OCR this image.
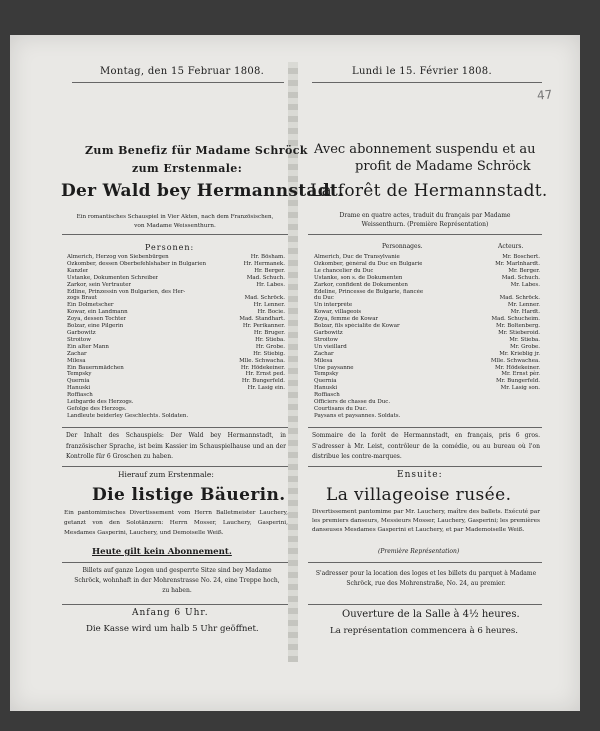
47
Montag, den 15 Februar 1808.
Zum Benefiz für Madame Schröck
zum Erstenmale:
Der Wald bey Hermannstadt.
Ein romantisches Schauspiel in Vier Akten, nach dem Französischen,
von Madame Weissenthurn.
Personen:
Almerich, Herzog von Siebenbürgen	Hr. Bösham.
Ozkomber, dessen Oberbefehlshaber in Bulgarien	Hr. Hermanek.
Kanzler	Hr. Berger.
Ustanke, Dokumenten Schreiber	Mad. Schuch.
Zarkor, sein Vertrauter	Hr. Labes.
Edline, Prinzessin von Bulgarien, des Her-
zogs Braut	Mad. Schröck.
Ein Dolmetscher	Hr. Lenner.
Kowar, ein Landmann	Hr. Bocie.
Zoya, dessen Tochter	Mad. Standhart.
Bolzar, eine Pilgerin	Hr. Perikanner.
Garbowitz	Hr. Bruger.
Stroitow	Hr. Stieba.
Ein alter Mann	Hr. Grobe.
Zachar	Hr. Stiebig.
Milesa	Mlle. Schwacha.
Ein Bauernmädchen	Hr. Hödekeiner.
Tempsky	Hr. Ernst ped.
Quernia	Hr. Bungerfeld.
Hanuski	Hr. Lasig ein.
Roffiasch
Leibgarde des Herzogs.
Gefolge des Herzogs.
Landleute beiderley Geschlechts. Soldaten.
Der Inhalt des Schauspiels: Der Wald bey Hermannstadt, in französischer Sprache, ist beim Kassier im Schauspielhause und an der Kontrolle für 6 Groschen zu haben.
Hierauf zum Erstenmale:
Die listige Bäuerin.
Ein pantomimisches Divertissement vom Herrn Balletmeister Lauchery, getanzt von den Solotänzern: Herrn Mosser, Lauchery, Gasperini, Mesdames Gasperini, Lauchery, und Demoiselle Weiß.
Heute gilt kein Abonnement.
Billets auf ganze Logen und gesperrte Sitze sind bey Madame Schröck, wohnhaft in der Mohrenstrasse No. 24, eine Treppe hoch, zu haben.
Anfang 6 Uhr.
Die Kasse wird um halb 5 Uhr geöffnet.
Lundi le 15. Février 1808.
Avec abonnement suspendu et au
profit de Madame Schröck
La forêt de Hermannstadt.
Drame en quatre actes, traduit du français par Madame
Weissenthurn. (Première Représentation)
Personnages.	Acteurs.
Almerich, Duc de Transylvanie	Mr. Boschert.
Ozkomber, général du Duc en Bulgarie	Mr. Marlnhardt.
Le chancelier du Duc	Mr. Berger.
Ustanke, son s. de Dokumenten	Mad. Schuch.
Zarkor, confident de Dokumenten	Mr. Labes.
Edeline, Princesse de Bulgarie, fiancée
du Duc	Mad. Schröck.
Un interprète	Mr. Lenner.
Kowar, villageois	Mr. Hardt.
Zoya, femme de Kowar	Mad. Schucheim.
Bolzar, fils spécialite de Kowar	Mr. Boltenberg.
Garbowitz	Mr. Stieberoid.
Stroitow	Mr. Stieba.
Un vieillard	Mr. Grobe.
Zachar	Mr. Krieblig jr.
Milesa	Mlle. Schwachea.
Une paysanne	Mr. Hödekeiner.
Tempsky	Mr. Ernst pèr.
Quernia	Mr. Bungerfeld.
Hanuski	Mr. Lasig son.
Roffiasch
Officiers de chasse du Duc.
Courtisans du Duc.
Paysans et paysannes. Soldats.
Sommaire de la forêt de Hermannstadt, en français, pris 6 gros. S'adresser à Mr. Leist, contrôleur de la comédie, ou au bureau où l'on distribue les contre-marques.
Ensuite:
La villageoise rusée.
Divertissement pantomime par Mr. Lauchery, maître des ballets. Exécuté par les premiers danseurs, Messieurs Mosser, Lauchery, Gasperini; les premières danseuses Mesdames Gasperini et Lauchery, et par Mademoiselle Weiß.
(Première Représentation)
S'adresser pour la location des loges et les billets du parquet à Madame Schröck, rue des Mohrenstraße, No. 24, au premier.
Ouverture de la Salle à 4½ heures.
La représentation commencera à 6 heures.
